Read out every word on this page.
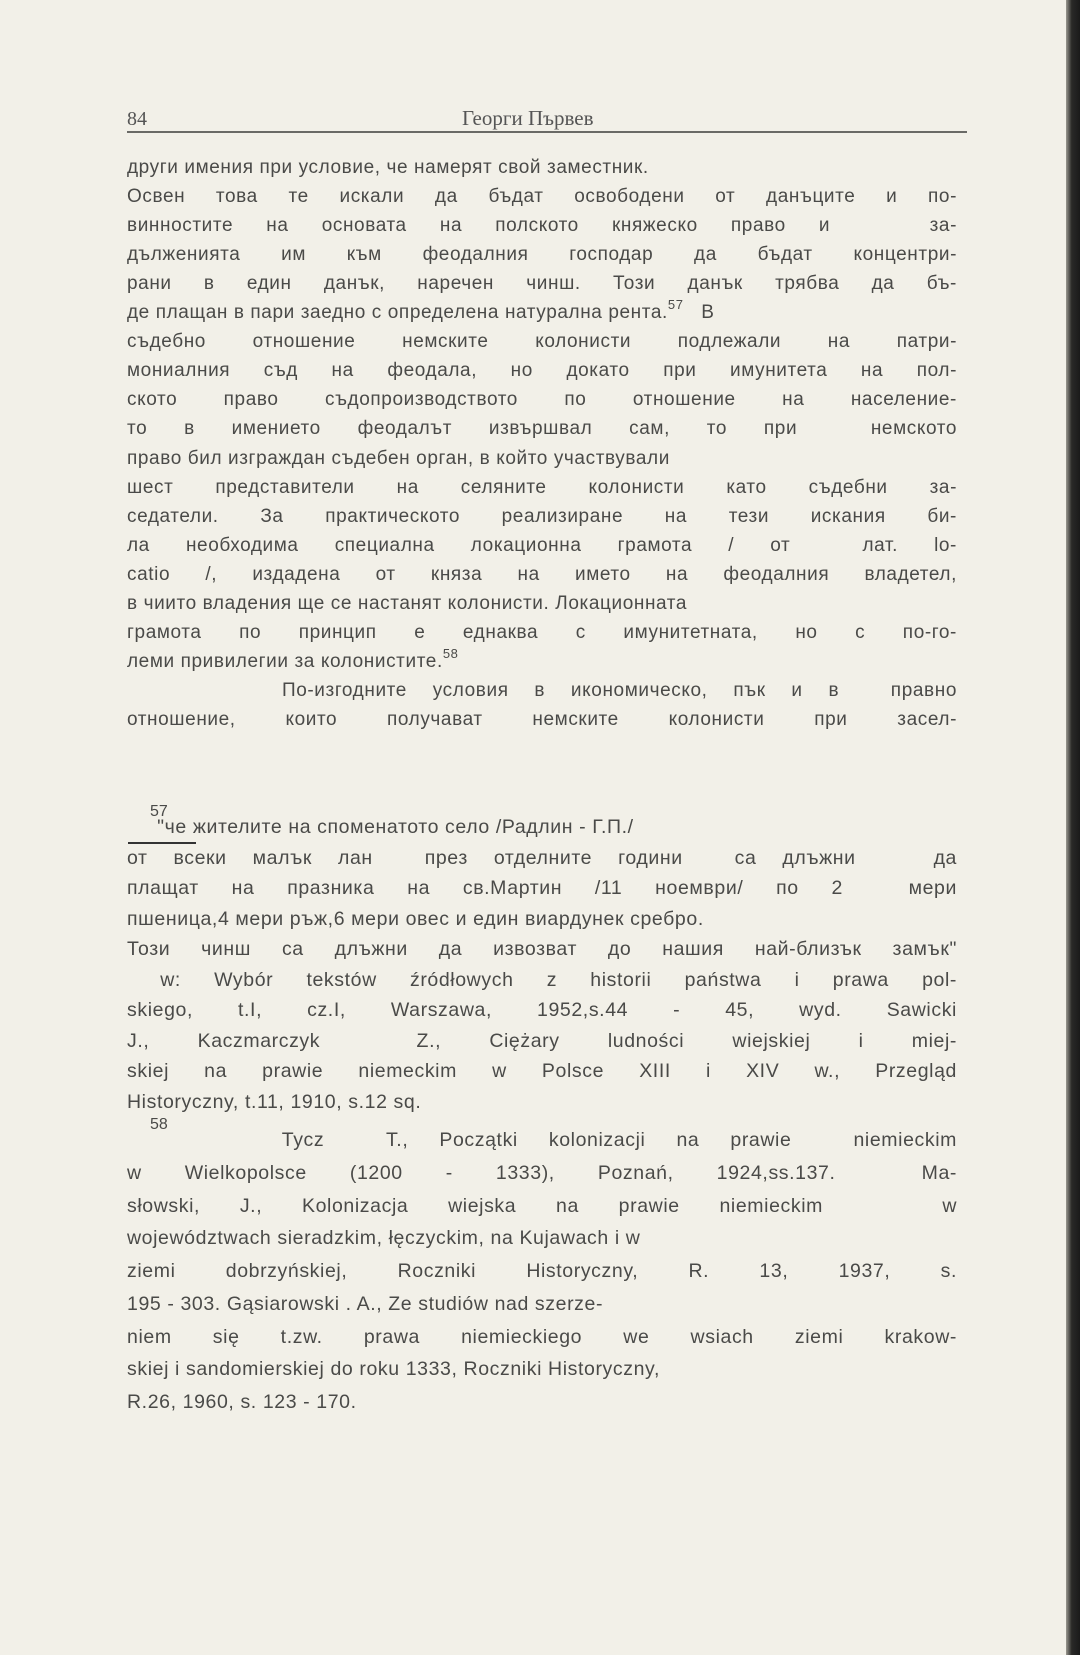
84	Георги Първев
други имения при условие, че намерят свой заместник.
Освен това те искали да бъдат освободени от данъците и по-
винностите на основата на полското княжеско право и   за-
дълженията им към феодалния господар да бъдат концентри-
рани в един данък, наречен чинш. Този данък трябва да бъ-
де плащан в пари заедно с определена натурална рента.$^{57}$   В
съдебно отношение немските колонисти подлежали на патри-
мониалния съд на феодала, но докато при имунитета на пол-
ското право съдопроизводството по отношение на население-
то в имението феодалът извършвал сам, то при  немското
право бил изграждан съдебен орган, в който участвували
шест представители на селяните колонисти като съдебни за-
седатели. За практическото реализиране на тези искания би-
ла необходима специална локационна грамота / от  лат. lo-
catio /, издадена от княза на името на феодалния владетел,
в чиито владения ще се настанят колонисти. Локационната
грамота по принцип е еднаква с имунитетната, но с по-го-
леми привилегии за колонистите.$^{58}$
По-изгодните условия в икономическо, пък и в  правно
отношение, които получават немските колонисти при засел-
57
"че жителите на споменатото село /Радлин - Г.П./
от всеки малък лан  през отделните години  са длъжни   да
плащат на празника на св.Мартин /11 ноември/ по 2  мери
пшеница,4 мери ръж,6 мери овес и един виардунек сребро.
Този чинш са длъжни да извозват до нашия най-близък замък"
w: Wybór tekstów źródłowych z historii państwa i prawa pol-
skiego, t.I, cz.I, Warszawa, 1952,s.44 - 45, wyd. Sawicki
J., Kaczmarczyk  Z., Ciężary ludności wiejskiej i miej-
skiej na prawie niemeckim w Polsce XIII i XIV w., Przegląd
Historyczny, t.11, 1910, s.12 sq.
58
Tycz  T., Początki kolonizacji na prawie  niemieckim
w Wielkopolsce (1200 - 1333), Poznań, 1924,ss.137.  Ma-
słowski, J., Kolonizacja wiejska na prawie niemieckim   w
województwach sieradzkim, łęczyckim, na Kujawach i w
ziemi dobrzyńskiej, Roczniki Historyczny, R. 13, 1937, s.
195 - 303. Gąsiarowski . A., Ze studiów nad szerze-
niem się t.zw. prawa niemieckiego we wsiach ziemi krakow-
skiej i sandomierskiej do roku 1333, Roczniki Historyczny,
R.26, 1960, s. 123 - 170.
